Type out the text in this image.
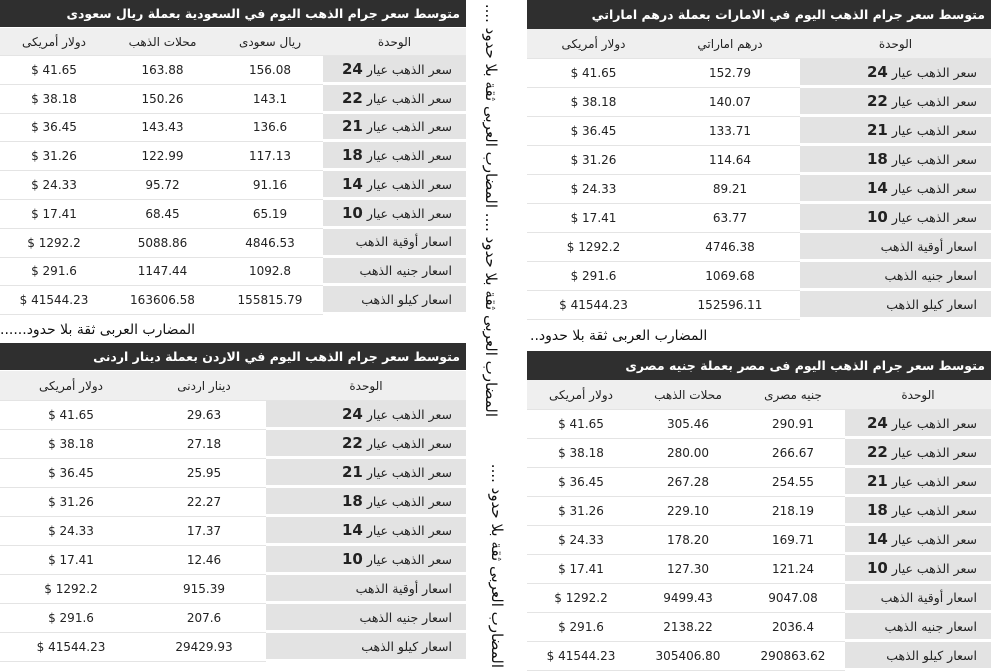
متوسط سعر جرام الذهب اليوم في السعودية بعملة ريال سعودى
دولار أمريكى	محلات الذهب	ريال سعودى	الوحدة
$ 41.65	163.88	156.08	سعر الذهب عيار 24
$ 38.18	150.26	143.1	سعر الذهب عيار 22
$ 36.45	143.43	136.6	سعر الذهب عيار 21
$ 31.26	122.99	117.13	سعر الذهب عيار 18
$ 24.33	95.72	91.16	سعر الذهب عيار 14
$ 17.41	68.45	65.19	سعر الذهب عيار 10
$ 1292.2	5088.86	4846.53	اسعار أوقية الذهب
$ 291.6	1147.44	1092.8	اسعار جنيه الذهب
$ 41544.23	163606.58	155815.79	اسعار كيلو الذهب
متوسط سعر جرام الذهب اليوم في الامارات بعملة درهم اماراتي
دولار أمريكى	درهم اماراتي	الوحدة
$ 41.65	152.79	سعر الذهب عيار 24
$ 38.18	140.07	سعر الذهب عيار 22
$ 36.45	133.71	سعر الذهب عيار 21
$ 31.26	114.64	سعر الذهب عيار 18
$ 24.33	89.21	سعر الذهب عيار 14
$ 17.41	63.77	سعر الذهب عيار 10
$ 1292.2	4746.38	اسعار أوقية الذهب
$ 291.6	1069.68	اسعار جنيه الذهب
$ 41544.23	152596.11	اسعار كيلو الذهب
متوسط سعر جرام الذهب اليوم في الاردن بعملة دينار اردنى
دولار أمريكى	دينار اردنى	الوحدة
$ 41.65	29.63	سعر الذهب عيار 24
$ 38.18	27.18	سعر الذهب عيار 22
$ 36.45	25.95	سعر الذهب عيار 21
$ 31.26	22.27	سعر الذهب عيار 18
$ 24.33	17.37	سعر الذهب عيار 14
$ 17.41	12.46	سعر الذهب عيار 10
$ 1292.2	915.39	اسعار أوقية الذهب
$ 291.6	207.6	اسعار جنيه الذهب
$ 41544.23	29429.93	اسعار كيلو الذهب
متوسط سعر جرام الذهب اليوم فى مصر بعملة جنيه مصرى
دولار أمريكى	محلات الذهب	جنيه مصرى	الوحدة
$ 41.65	305.46	290.91	سعر الذهب عيار 24
$ 38.18	280.00	266.67	سعر الذهب عيار 22
$ 36.45	267.28	254.55	سعر الذهب عيار 21
$ 31.26	229.10	218.19	سعر الذهب عيار 18
$ 24.33	178.20	169.71	سعر الذهب عيار 14
$ 17.41	127.30	121.24	سعر الذهب عيار 10
$ 1292.2	9499.43	9047.08	اسعار أوقية الذهب
$ 291.6	2138.22	2036.4	اسعار جنيه الذهب
$ 41544.23	305406.80	290863.62	اسعار كيلو الذهب
المضارب العربى ثقة بلا حدود......	المضارب العربى ثقة بلا حدود..
المضارب العربى ثقة بلا حدود .... المضارب العربى ثقة بلا حدود ....
المضارب العربى ثقة بلا حدود ....
